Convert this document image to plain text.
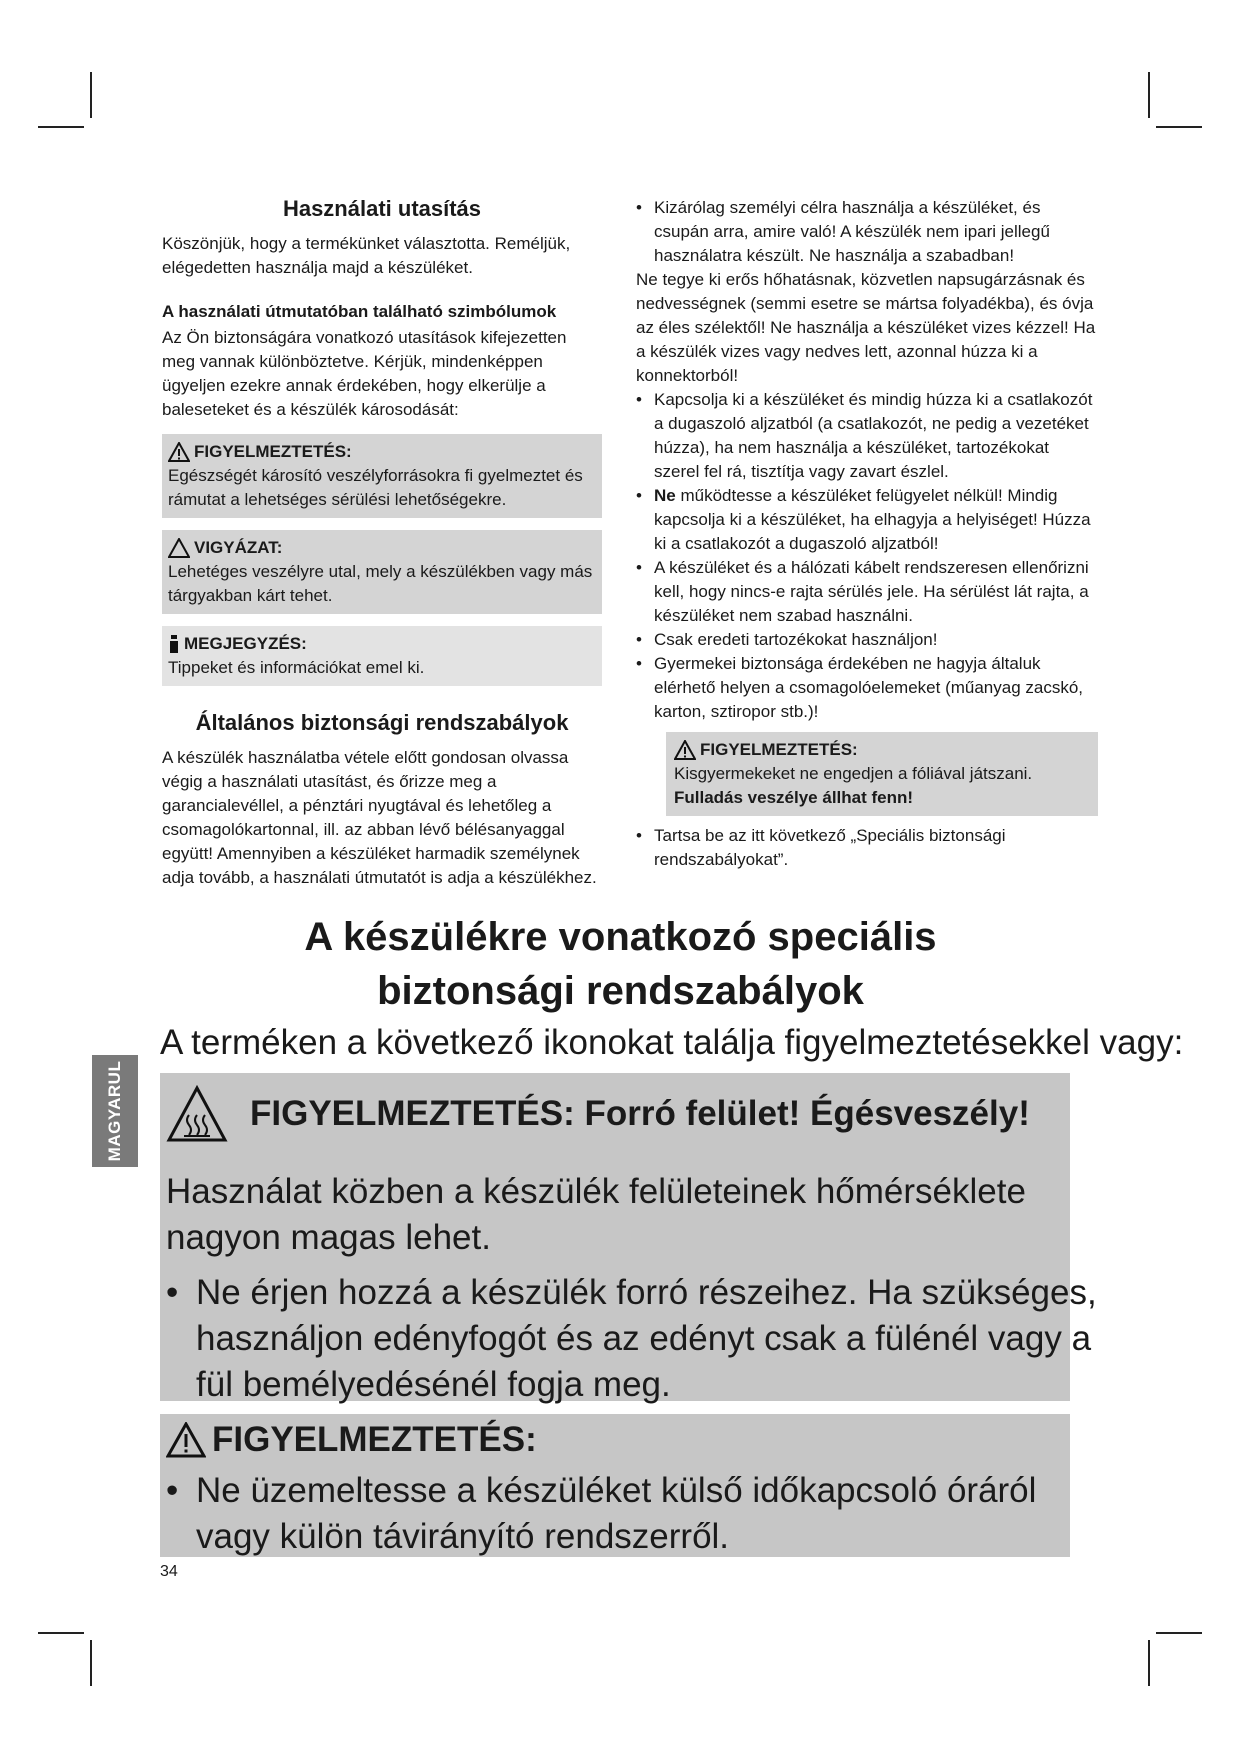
Használati utasítás

Köszönjük, hogy a termékünket választotta. Reméljük, elégedetten használja majd a készüléket.

A használati útmutatóban található szimbólumok

Az Ön biztonságára vonatkozó utasítások kifejezetten meg vannak különböztetve. Kérjük, mindenképpen ügyeljen ezekre annak érdekében, hogy elkerülje a baleseteket és a készülék károsodását:

FIGYELMEZTETÉS:
Egészségét károsító veszélyforrásokra fi gyelmeztet és rámutat a lehetséges sérülési lehetőségekre.
VIGYÁZAT:
Lehetéges veszélyre utal, mely a készülékben vagy más tárgyakban kárt tehet.
MEGJEGYZÉS:
Tippeket és információkat emel ki.
Általános biztonsági rendszabályok

A készülék használatba vétele előtt gondosan olvassa végig a használati utasítást, és őrizze meg a garancialevéllel, a pénztári nyugtával és lehetőleg a csomagolókartonnal, ill. az abban lévő bélésanyaggal együtt! Amennyiben a készüléket harmadik személynek adja tovább, a használati útmutatót is adja a készülékhez.

• Kizárólag személyi célra használja a készüléket, és csupán arra, amire való! A készülék nem ipari jellegű használatra készült. Ne használja a szabadban!
Ne tegye ki erős hőhatásnak, közvetlen napsugárzásnak és nedvességnek (semmi esetre se mártsa folyadékba), és óvja az éles szélektől! Ne használja a készüléket vizes kézzel! Ha a készülék vizes vagy nedves lett, azonnal húzza ki a konnektorból!
• Kapcsolja ki a készüléket és mindig húzza ki a csatlakozót a dugaszoló aljzatból (a csatlakozót, ne pedig a vezetéket húzza), ha nem használja a készüléket, tartozékokat szerel fel rá, tisztítja vagy zavart észlel.
• Ne működtesse a készüléket felügyelet nélkül! Mindig kapcsolja ki a készüléket, ha elhagyja a helyiséget! Húzza ki a csatlakozót a dugaszoló aljzatból!
• A készüléket és a hálózati kábelt rendszeresen ellenőrizni kell, hogy nincs-e rajta sérülés jele. Ha sérülést lát rajta, a készüléket nem szabad használni.
• Csak eredeti tartozékokat használjon!
• Gyermekei biztonsága érdekében ne hagyja általuk elérhető helyen a csomagolóelemeket (műanyag zacskó, karton, sztiropor stb.)!
FIGYELMEZTETÉS:
Kisgyermekeket ne engedjen a fóliával játszani. Fulladás veszélye állhat fenn!
• Tartsa be az itt következő „Speciális biztonsági rendszabályokat”.
A készülékre vonatkozó speciális
biztonsági rendszabályok

A terméken a következő ikonokat találja figyelmeztetésekkel vagy:

MAGYARUL	FIGYELMEZTETÉS: Forró felület! Égésveszély!
Használat közben a készülék felületeinek hőmérséklete nagyon magas lehet.
• Ne érjen hozzá a készülék forró részeihez. Ha szükséges, használjon edényfogót és az edényt csak a fülénél vagy a fül bemélyedésénél fogja meg.
FIGYELMEZTETÉS:
• Ne üzemeltesse a készüléket külső időkapcsoló óráról vagy külön távirányító rendszerről.
34
